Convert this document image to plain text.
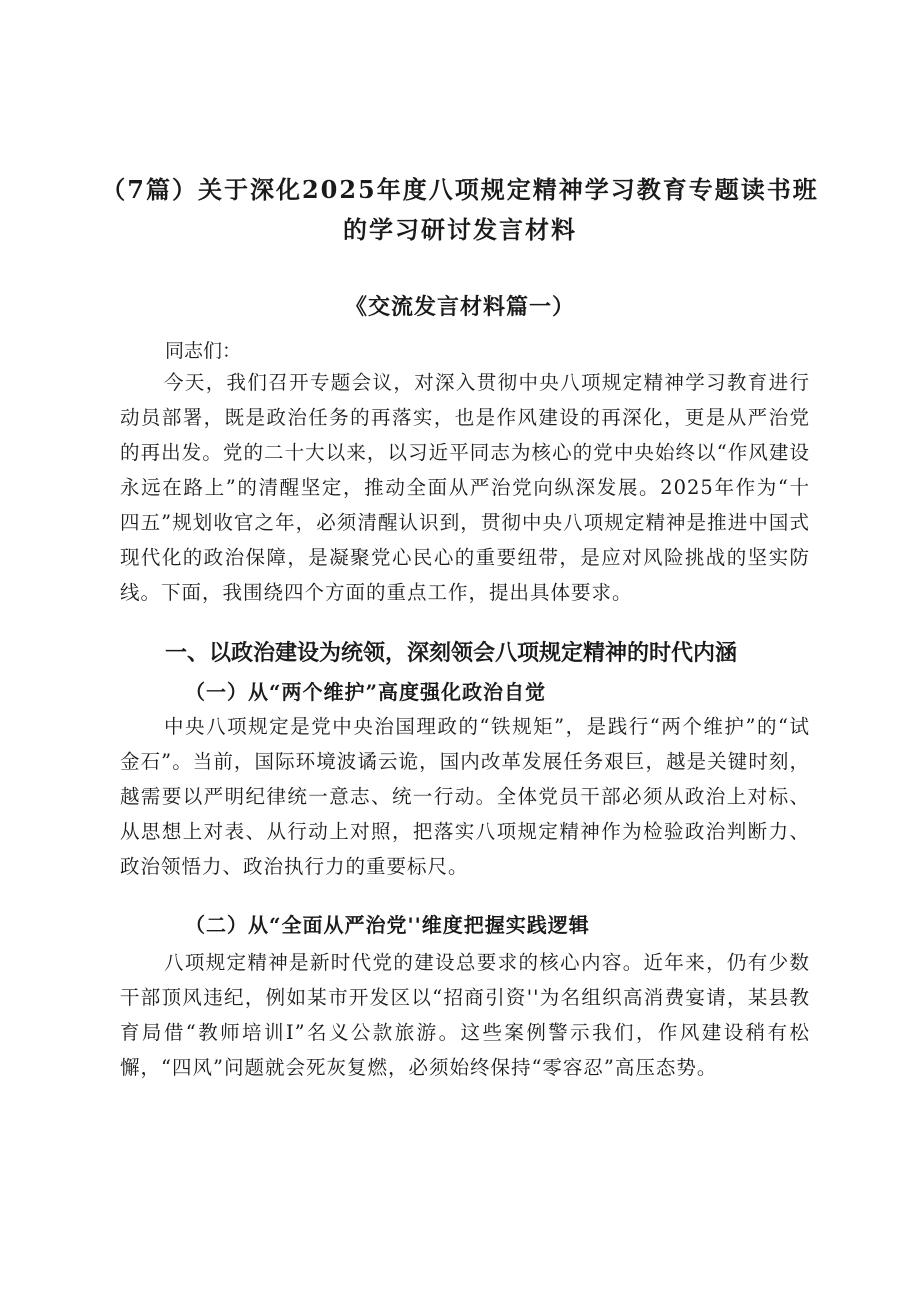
（7篇）关于深化2025年度八项规定精神学习教育专题读书班
的学习研讨发言材料
《交流发言材料篇一）
同志们：

今天，我们召开专题会议，对深入贯彻中央八项规定精神学习教育进行动员部署，既是政治任务的再落实，也是作风建设的再深化，更是从严治党的再出发。党的二十大以来，以习近平同志为核心的党中央始终以“作风建设永远在路上”的清醒坚定，推动全面从严治党向纵深发展。2025年作为“十四五”规划收官之年，必须清醒认识到，贯彻中央八项规定精神是推进中国式现代化的政治保障，是凝聚党心民心的重要纽带，是应对风险挑战的坚实防线。下面，我围绕四个方面的重点工作，提出具体要求。

一、以政治建设为统领，深刻领会八项规定精神的时代内涵
（一）从“两个维护”高度强化政治自觉

中央八项规定是党中央治国理政的“铁规矩”，是践行“两个维护”的“试金石”。当前，国际环境波谲云诡，国内改革发展任务艰巨，越是关键时刻，越需要以严明纪律统一意志、统一行动。全体党员干部必须从政治上对标、从思想上对表、从行动上对照，把落实八项规定精神作为检验政治判断力、政治领悟力、政治执行力的重要标尺。

（二）从“全面从严治党''维度把握实践逻辑

八项规定精神是新时代党的建设总要求的核心内容。近年来，仍有少数干部顶风违纪，例如某市开发区以“招商引资''为名组织高消费宴请，某县教育局借“教师培训I”名义公款旅游。这些案例警示我们，作风建设稍有松懈，“四风”问题就会死灰复燃，必须始终保持“零容忍”高压态势。
